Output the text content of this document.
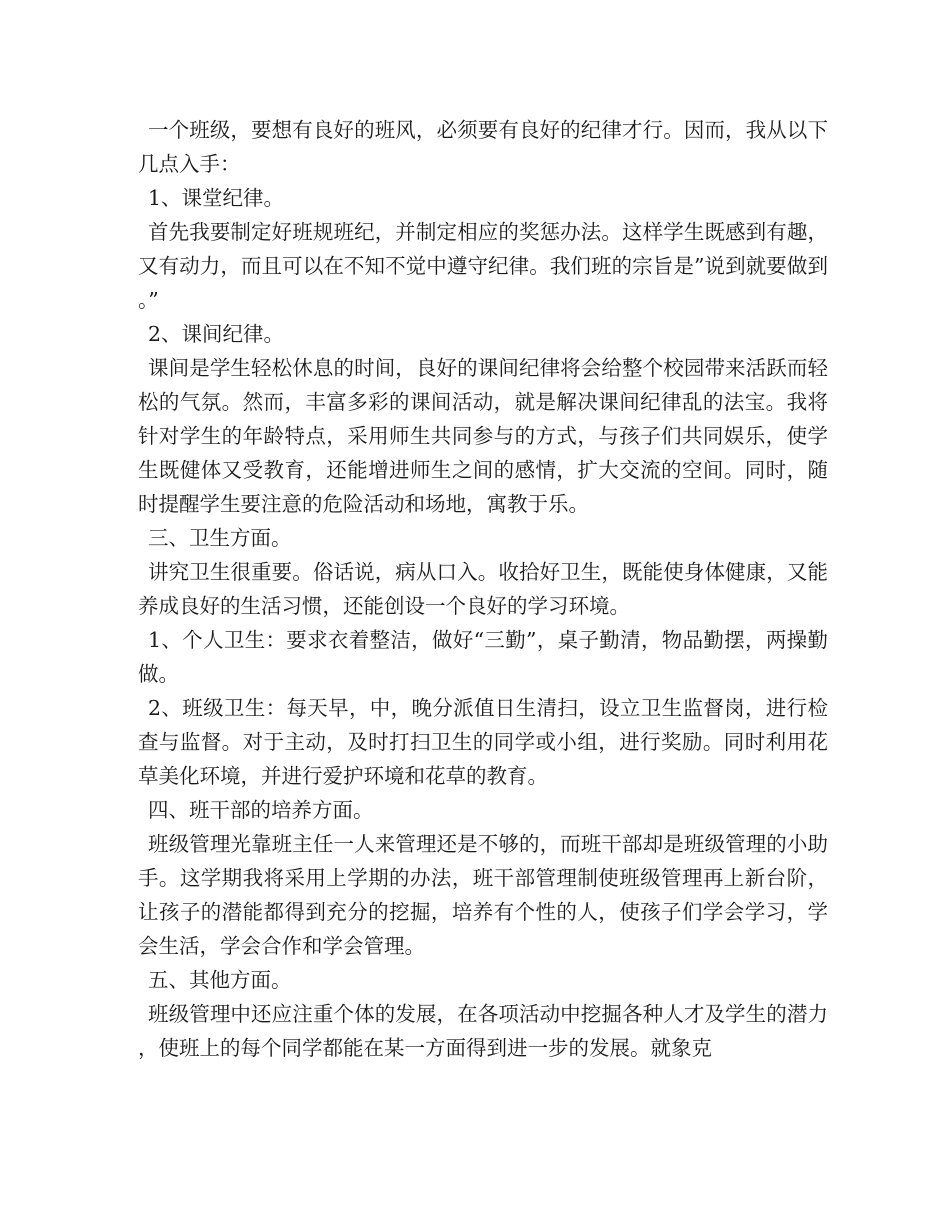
一个班级，要想有良好的班风，必须要有良好的纪律才行。因而，我从以下几点入手：

1、课堂纪律。

首先我要制定好班规班纪，并制定相应的奖惩办法。这样学生既感到有趣，又有动力，而且可以在不知不觉中遵守纪律。我们班的宗旨是”说到就要做到。”

2、课间纪律。

课间是学生轻松休息的时间，良好的课间纪律将会给整个校园带来活跃而轻松的气氛。然而，丰富多彩的课间活动，就是解决课间纪律乱的法宝。我将针对学生的年龄特点，采用师生共同参与的方式，与孩子们共同娱乐，使学生既健体又受教育，还能增进师生之间的感情，扩大交流的空间。同时，随时提醒学生要注意的危险活动和场地，寓教于乐。

三、卫生方面。

讲究卫生很重要。俗话说，病从口入。收拾好卫生，既能使身体健康，又能养成良好的生活习惯，还能创设一个良好的学习环境。

1、个人卫生：要求衣着整洁，做好“三勤”，桌子勤清，物品勤摆，两操勤做。

2、班级卫生：每天早，中，晚分派值日生清扫，设立卫生监督岗，进行检查与监督。对于主动，及时打扫卫生的同学或小组，进行奖励。同时利用花草美化环境，并进行爱护环境和花草的教育。

四、班干部的培养方面。

班级管理光靠班主任一人来管理还是不够的，而班干部却是班级管理的小助手。这学期我将采用上学期的办法，班干部管理制使班级管理再上新台阶，让孩子的潜能都得到充分的挖掘，培养有个性的人，使孩子们学会学习，学会生活，学会合作和学会管理。

五、其他方面。

班级管理中还应注重个体的发展，在各项活动中挖掘各种人才及学生的潜力，使班上的每个同学都能在某一方面得到进一步的发展。就象克
